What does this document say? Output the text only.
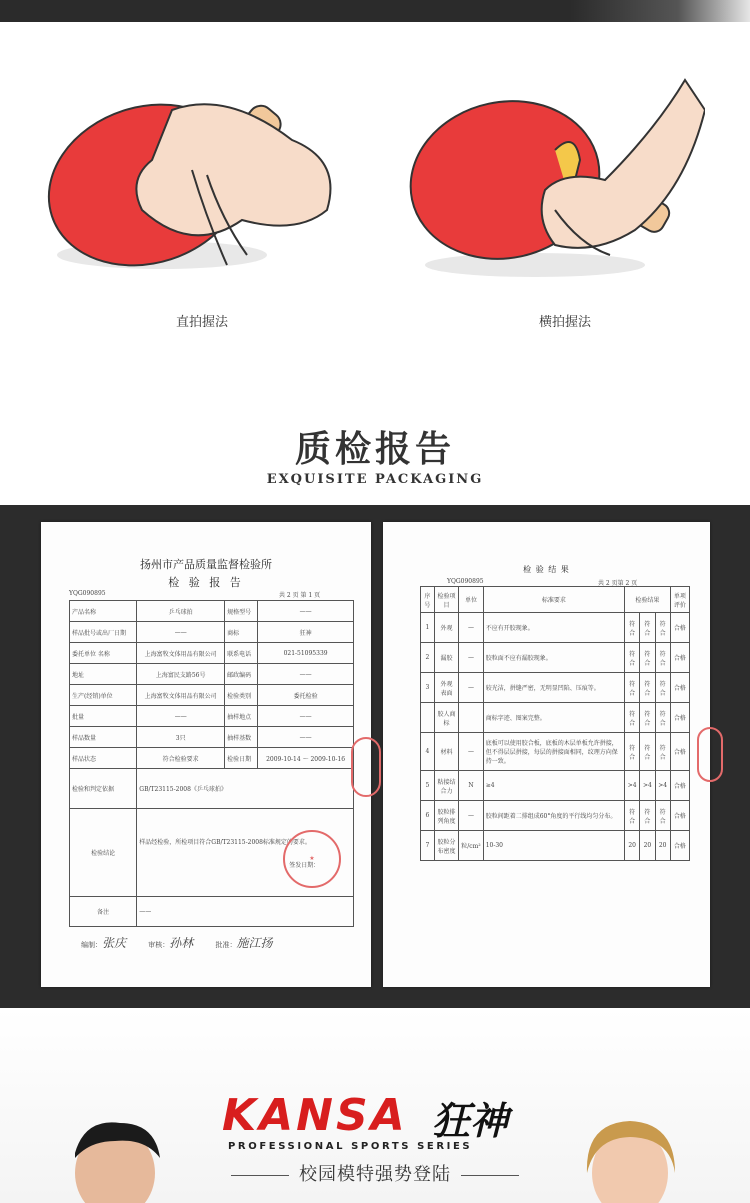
直拍握法	横拍握法
质检报告
EXQUISITE PACKAGING
扬州市产品质量监督检验所
检 验 报 告
YQG090895	共 2 页 第 1 页
产品名称	乒乓球拍	规格型号	——
样品批号或出厂日期	——	商标	狂神
委托单位 名称	上海富牧文体用品有限公司	联系电话	021-51095339
地址	上海富民支路56号	邮政编码	——
生产(经销)单位	上海富牧文体用品有限公司	检验类别	委托检验
批量	——	抽样地点	——
样品数量	3只	抽样基数	——
样品状态	符合检验要求	检验日期	2009-10-14 ～ 2009-10-16
检验和判定依据	GB/T23115-2008《乒乓球拍》		
检验结论	样品经检验，所检项目符合GB/T23115-2008标准规定的要求。

签发日期：		
备注	——		
★
编制：张庆	审核：孙林	批准：施江扬
检 验 结 果
YQG090895	共 2 页第 2 页
序号	检验项目	单位	标准要求	检验结果			单项评价
1	外观	—	不应有开胶现象。	符合	符合	符合	合格
2	漏胶	—	胶粒面不应有漏胶现象。	符合	符合	符合	合格
3	外观 表面	—	较光洁，拼缝严密，无明显凹陷、压痕等。	符合	符合	符合	合格
	胶人商标		商标字迹、图案完整。	符合	符合	符合	合格
4	材料	—	底板可以使用胶合板，底板的木层单板允许拼接，但不得层层拼接，每层的拼接面相同，纹理方向保持一致。	符合	符合	符合	合格
5	粘接结合力	N	≥4	>4	>4	>4	合格
6	胶粒排列角度	—	胶粒间距着二排组成60°角度的平行线均匀分布。	符合	符合	符合	合格
7	胶粒分布密度	粒/cm²	10-30	20	20	20	合格
KANSA 狂神
PROFESSIONAL SPORTS SERIES
校园模特强势登陆
